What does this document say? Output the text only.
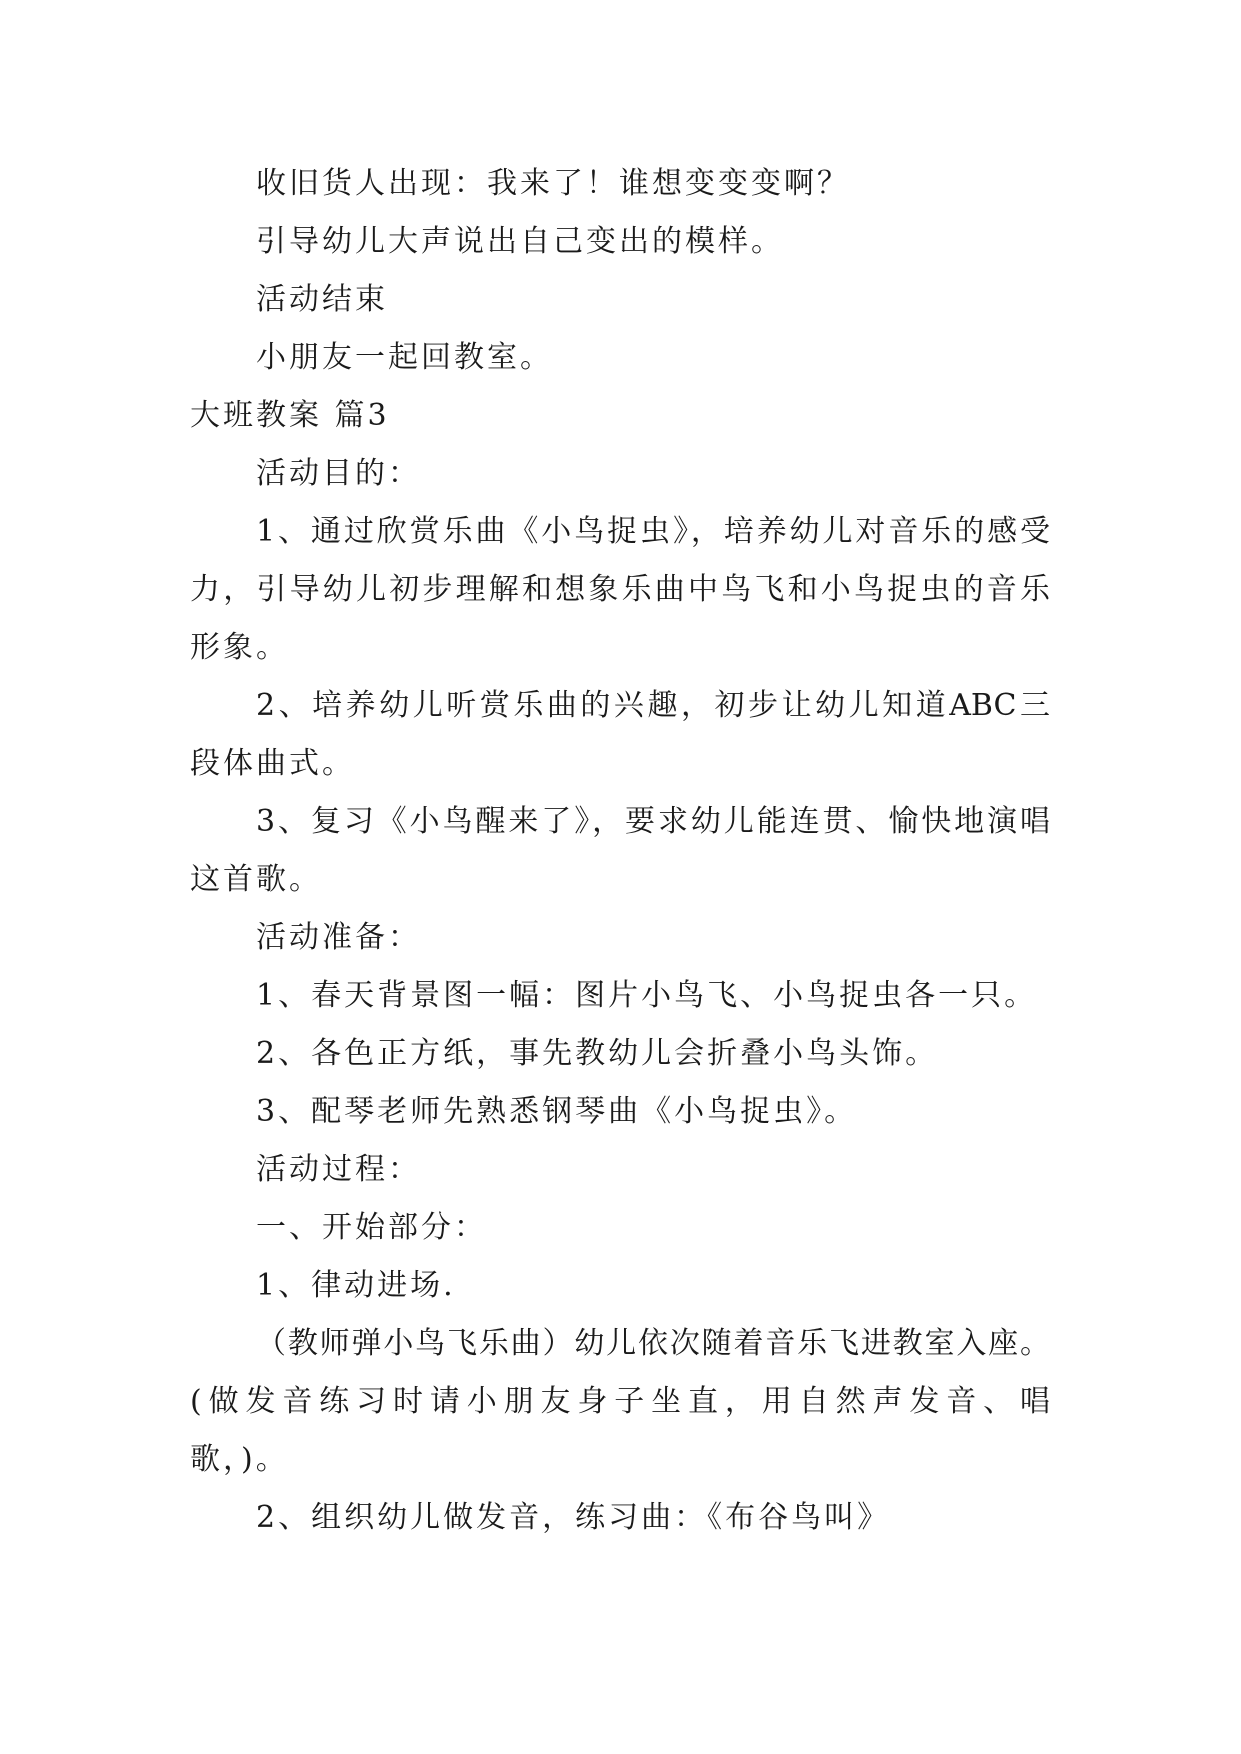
收旧货人出现：我来了！谁想变变变啊？
引导幼儿大声说出自己变出的模样。
活动结束
小朋友一起回教室。
大班教案 篇3
活动目的：
1、通过欣赏乐曲《小鸟捉虫》，培养幼儿对音乐的感受
力，引导幼儿初步理解和想象乐曲中鸟飞和小鸟捉虫的音乐
形象。
2、培养幼儿听赏乐曲的兴趣，初步让幼儿知道ABC三
段体曲式。
3、复习《小鸟醒来了》，要求幼儿能连贯、愉快地演唱
这首歌。
活动准备：
1、春天背景图一幅：图片小鸟飞、小鸟捉虫各一只。
2、各色正方纸，事先教幼儿会折叠小鸟头饰。
3、配琴老师先熟悉钢琴曲《小鸟捉虫》。
活动过程：
一、开始部分：
1、律动进场.
（教师弹小鸟飞乐曲）幼儿依次随着音乐飞进教室入座。
(做发音练习时请小朋友身子坐直，用自然声发音、唱
歌，)。
2、组织幼儿做发音，练习曲：《布谷鸟叫》
